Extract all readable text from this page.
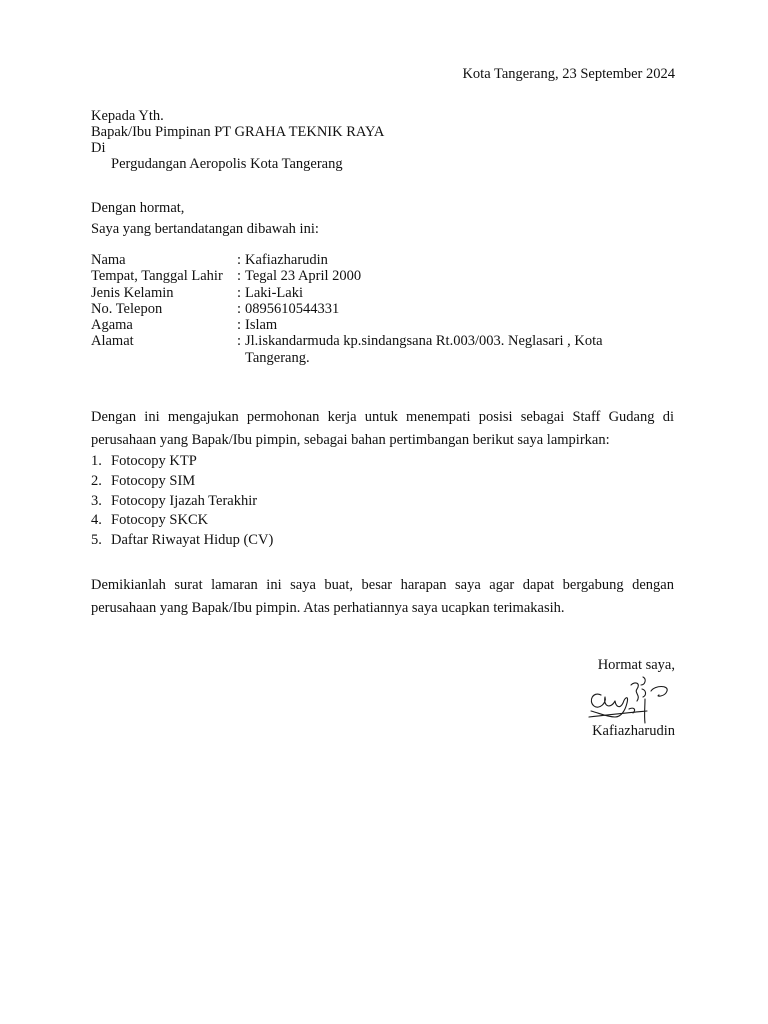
Kota Tangerang, 23 September 2024
Kepada Yth.
Bapak/Ibu Pimpinan PT GRAHA TEKNIK RAYA
Di
Pergudangan Aeropolis Kota Tangerang
Dengan hormat,
Saya yang bertandatangan dibawah ini:
Nama	: Kafiazharudin
Tempat, Tanggal Lahir : Tegal 23 April 2000
Jenis Kelamin	: Laki-Laki
No. Telepon	: 0895610544331
Agama	: Islam
Alamat	: Jl.iskandarmuda kp.sindangsana Rt.003/003. Neglasari , Kota
Tangerang.
Dengan ini mengajukan permohonan kerja untuk menempati posisi sebagai Staff Gudang di perusahaan yang Bapak/Ibu pimpin, sebagai bahan pertimbangan berikut saya lampirkan:
1. Fotocopy KTP
2. Fotocopy SIM
3. Fotocopy Ijazah Terakhir
4. Fotocopy SKCK
5. Daftar Riwayat Hidup (CV)
Demikianlah surat lamaran ini saya buat, besar harapan saya agar dapat bergabung dengan perusahaan yang Bapak/Ibu pimpin. Atas perhatiannya saya ucapkan terimakasih.
Hormat saya,
Kafiazharudin
